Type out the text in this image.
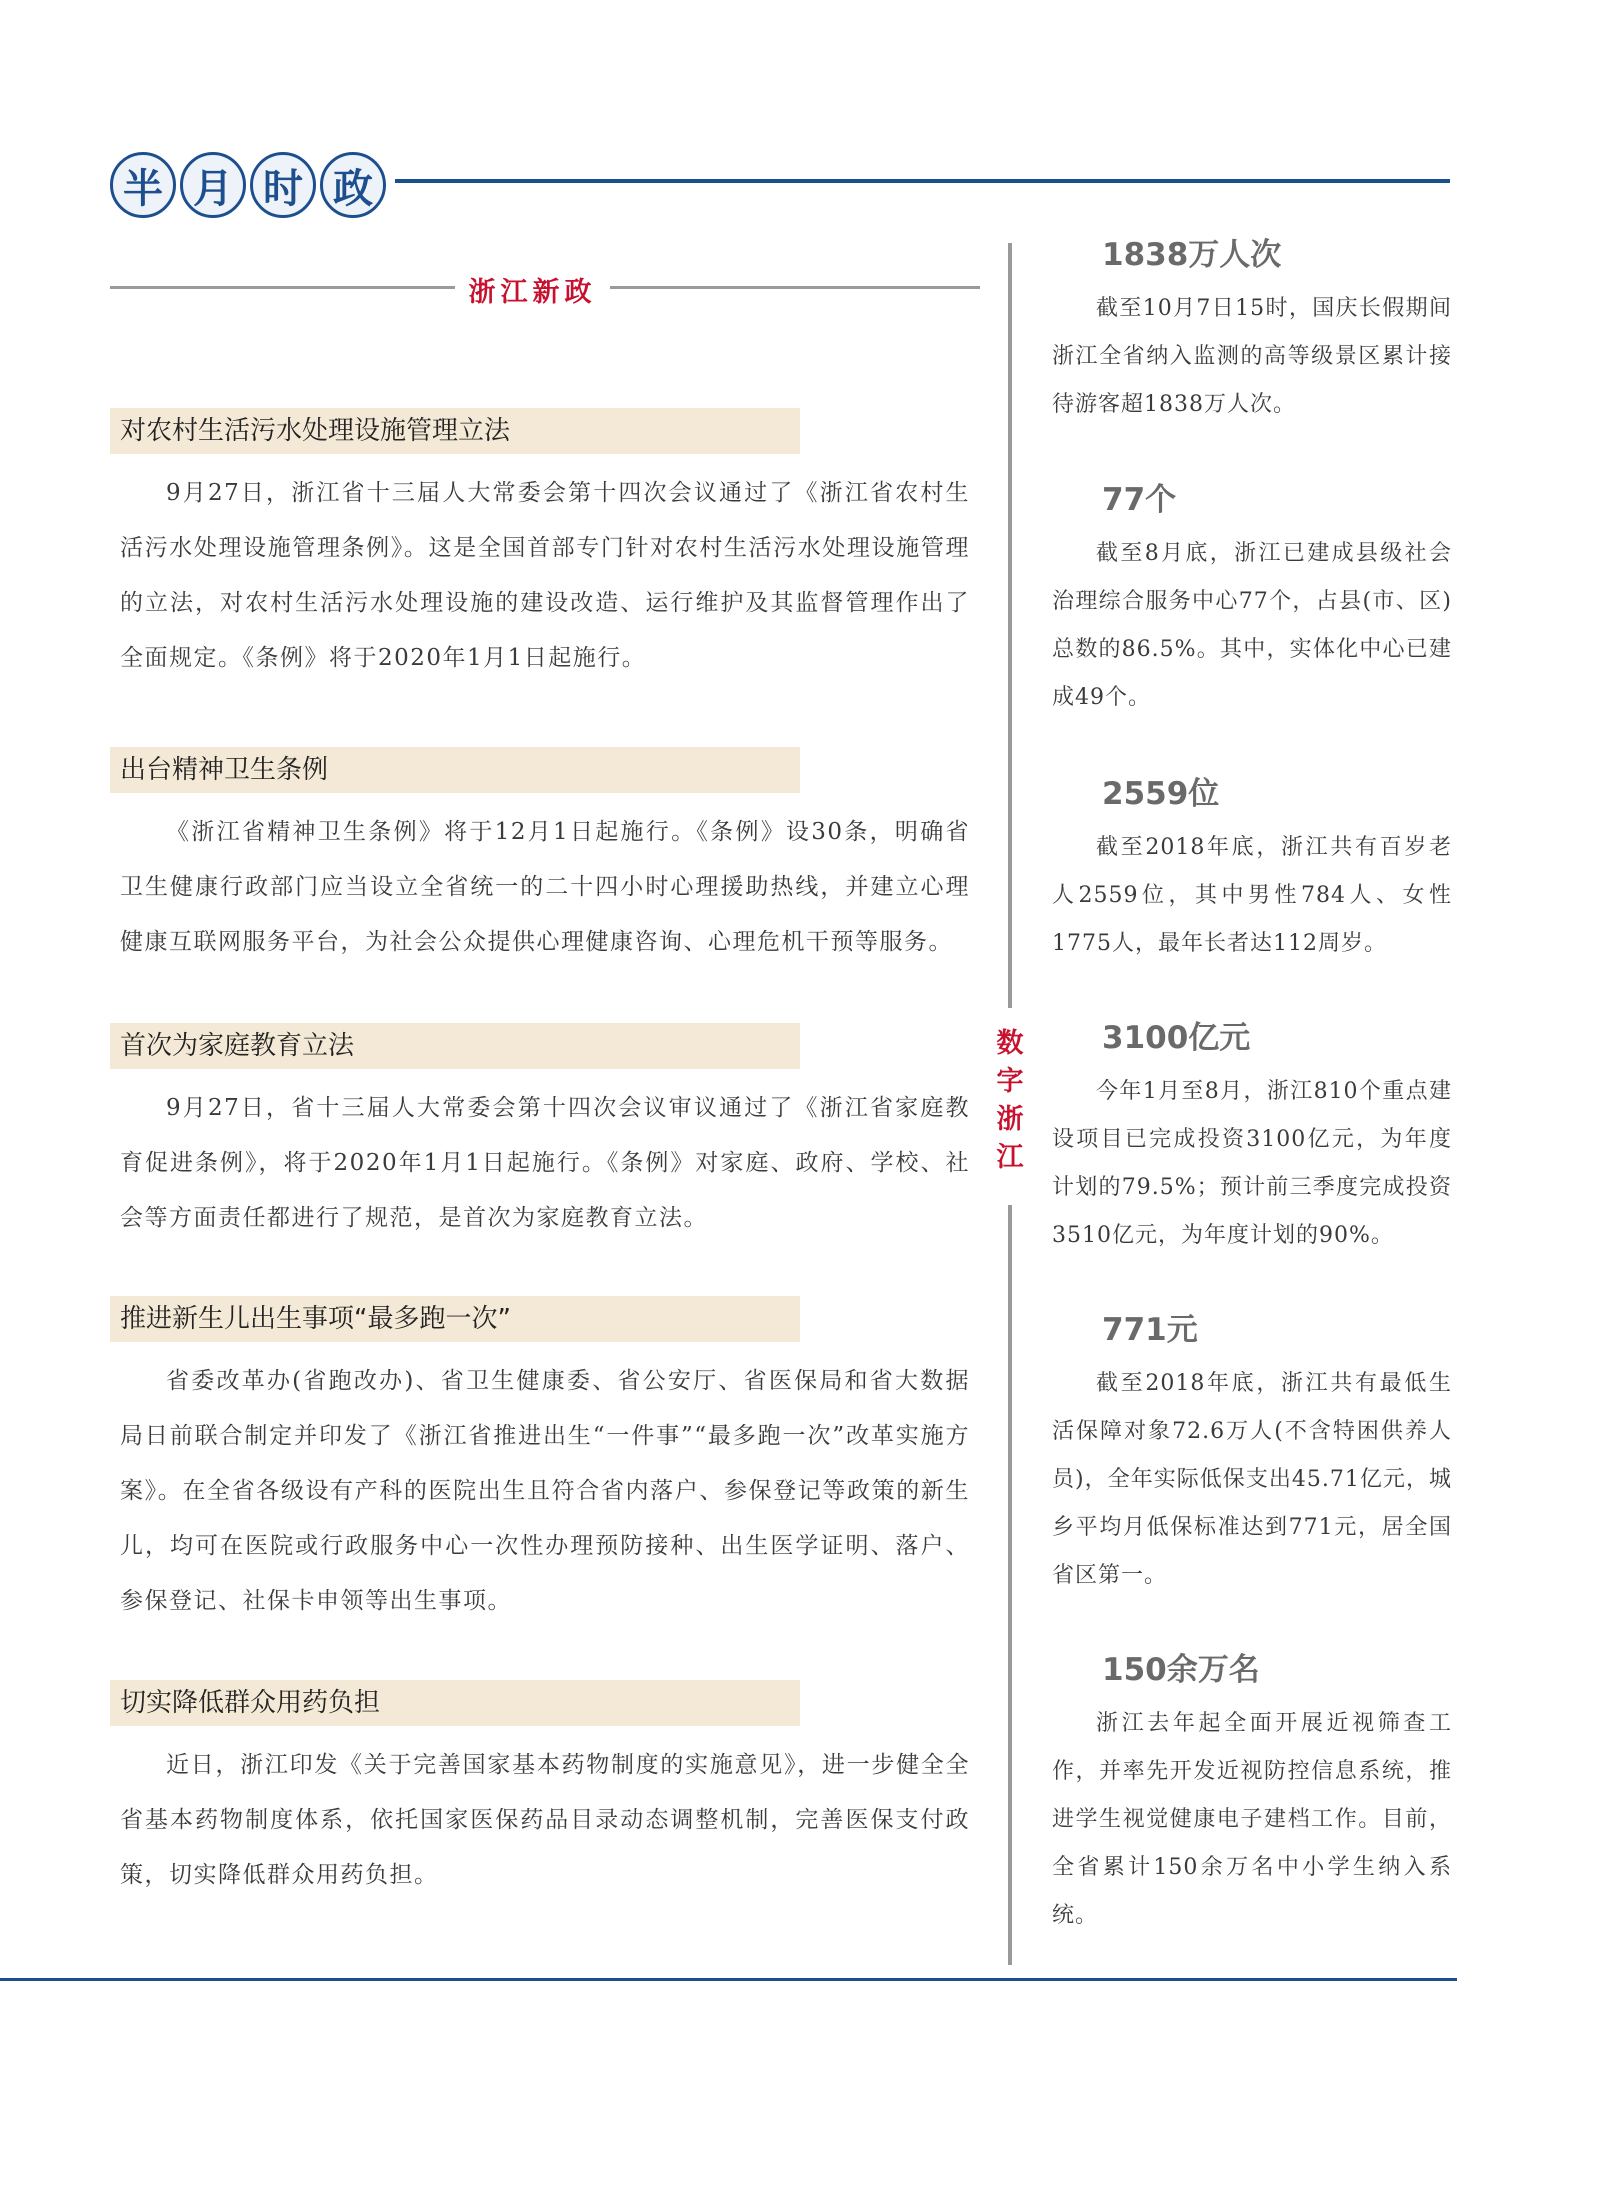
半 月 时 政
浙江新政
对农村生活污水处理设施管理立法

9月27日，浙江省十三届人大常委会第十四次会议通过了《浙江省农村生活污水处理设施管理条例》。这是全国首部专门针对农村生活污水处理设施管理的立法，对农村生活污水处理设施的建设改造、运行维护及其监督管理作出了全面规定。《条例》将于2020年1月1日起施行。

出台精神卫生条例

《浙江省精神卫生条例》将于12月1日起施行。《条例》设30条，明确省卫生健康行政部门应当设立全省统一的二十四小时心理援助热线，并建立心理健康互联网服务平台，为社会公众提供心理健康咨询、心理危机干预等服务。

首次为家庭教育立法

9月27日，省十三届人大常委会第十四次会议审议通过了《浙江省家庭教育促进条例》，将于2020年1月1日起施行。《条例》对家庭、政府、学校、社会等方面责任都进行了规范，是首次为家庭教育立法。

推进新生儿出生事项“最多跑一次”

省委改革办(省跑改办)、省卫生健康委、省公安厅、省医保局和省大数据局日前联合制定并印发了《浙江省推进出生“一件事”“最多跑一次”改革实施方案》。在全省各级设有产科的医院出生且符合省内落户、参保登记等政策的新生儿，均可在医院或行政服务中心一次性办理预防接种、出生医学证明、落户、参保登记、社保卡申领等出生事项。

切实降低群众用药负担

近日，浙江印发《关于完善国家基本药物制度的实施意见》，进一步健全全省基本药物制度体系，依托国家医保药品目录动态调整机制，完善医保支付政策，切实降低群众用药负担。

数字浙江
1838万人次
截至10月7日15时，国庆长假期间浙江全省纳入监测的高等级景区累计接待游客超1838万人次。
77个
截至8月底，浙江已建成县级社会治理综合服务中心77个，占县(市、区)总数的86.5%。其中，实体化中心已建成49个。
2559位
截至2018年底，浙江共有百岁老人2559位，其中男性784人、女性1775人，最年长者达112周岁。
3100亿元
今年1月至8月，浙江810个重点建设项目已完成投资3100亿元，为年度计划的79.5%；预计前三季度完成投资3510亿元，为年度计划的90%。
771元
截至2018年底，浙江共有最低生活保障对象72.6万人(不含特困供养人员)，全年实际低保支出45.71亿元，城乡平均月低保标准达到771元，居全国省区第一。
150余万名
浙江去年起全面开展近视筛查工作，并率先开发近视防控信息系统，推进学生视觉健康电子建档工作。目前，全省累计150余万名中小学生纳入系统。
